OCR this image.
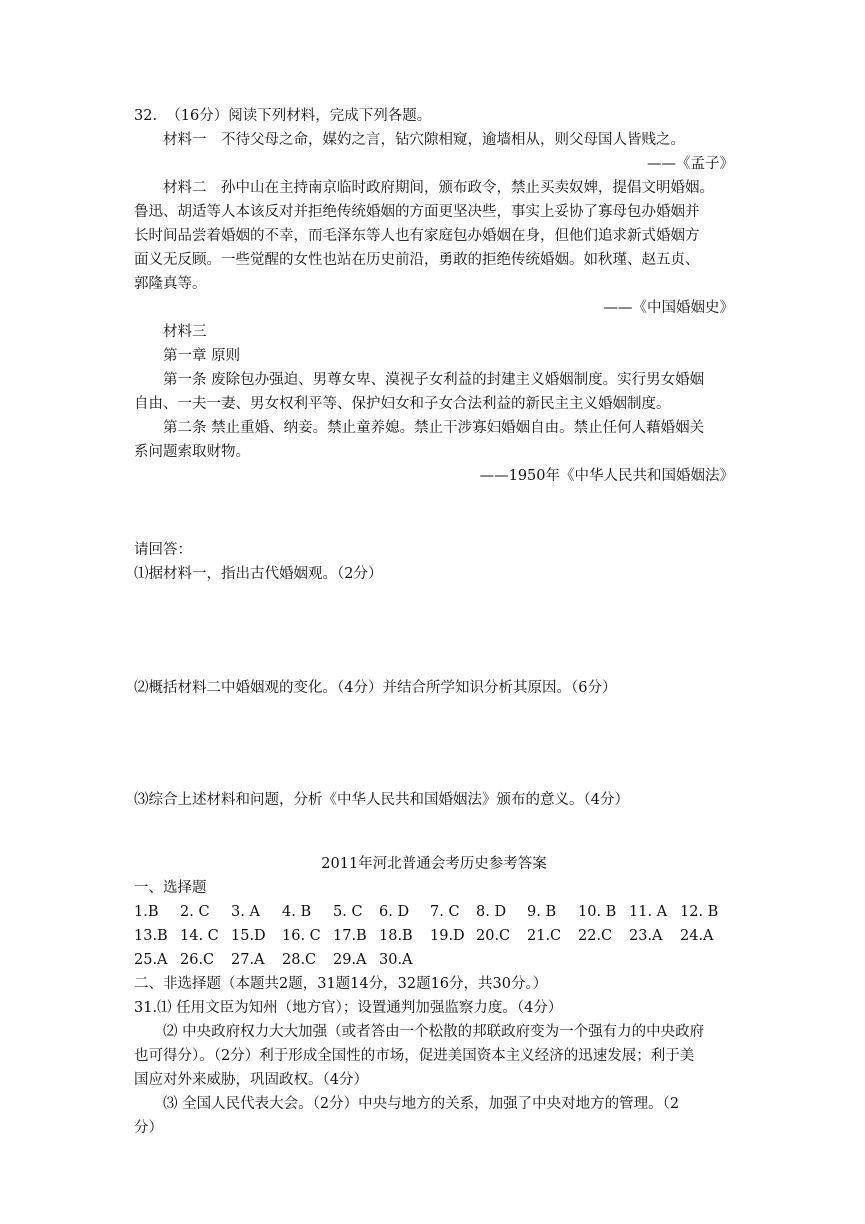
32.  （16分）阅读下列材料，完成下列各题。

材料一　不待父母之命，媒妁之言，钻穴隙相窥，逾墙相从，则父母国人皆贱之。

——《孟子》

材料二　孙中山在主持南京临时政府期间，颁布政令，禁止买卖奴婢，提倡文明婚姻。

鲁迅、胡适等人本该反对并拒绝传统婚姻的方面更坚决些，事实上妥协了寡母包办婚姻并

长时间品尝着婚姻的不幸，而毛泽东等人也有家庭包办婚姻在身，但他们追求新式婚姻方

面义无反顾。一些觉醒的女性也站在历史前沿，勇敢的拒绝传统婚姻。如秋瑾、赵五贞、

郭隆真等。

——《中国婚姻史》

材料三

第一章 原则

第一条 废除包办强迫、男尊女卑、漠视子女利益的封建主义婚姻制度。实行男女婚姻

自由、一夫一妻、男女权利平等、保护妇女和子女合法利益的新民主主义婚姻制度。

第二条 禁止重婚、纳妾。禁止童养媳。禁止干涉寡妇婚姻自由。禁止任何人藉婚姻关

系问题索取财物。

——1950年《中华人民共和国婚姻法》

请回答：

⑴据材料一，指出古代婚姻观。（2分）

⑵概括材料二中婚姻观的变化。（4分）并结合所学知识分析其原因。（6分）

⑶综合上述材料和问题，分析《中华人民共和国婚姻法》颁布的意义。（4分）

2011年河北普通会考历史参考答案

一、选择题

1.B	2. C	3. A	4. B	5. C	6. D	7. C	8. D	9. B	10. B 11. A 12. B
13.B 14. C 15.D	16. C 17.B 18.B	19.D 20.C	21.C	22.C	23.A	24.A
25.A 26.C	27.A	28.C	29.A 30.A

二、非选择题（本题共2题，31题14分，32题16分，共30分。）

31.⑴ 任用文臣为知州（地方官）；设置通判加强监察力度。（4分）

⑵ 中央政府权力大大加强（或者答由一个松散的邦联政府变为一个强有力的中央政府

也可得分）。（2分）利于形成全国性的市场，促进美国资本主义经济的迅速发展；利于美

国应对外来威胁，巩固政权。（4分）

⑶ 全国人民代表大会。（2分）中央与地方的关系，加强了中央对地方的管理。（2

分）
